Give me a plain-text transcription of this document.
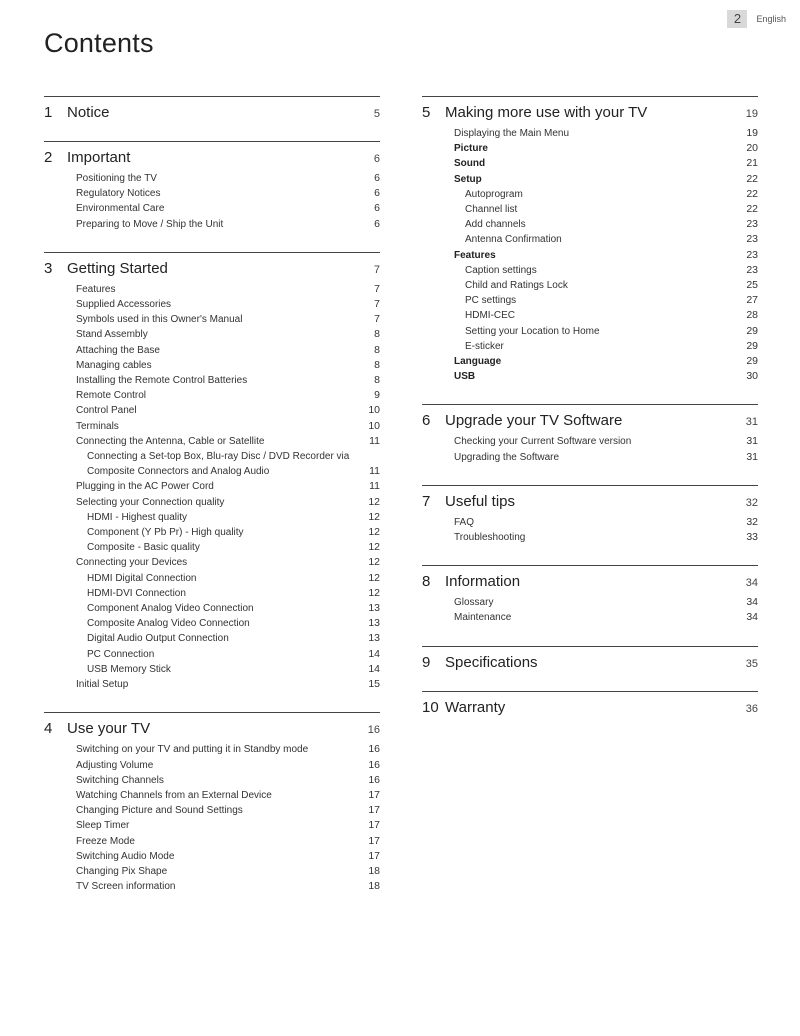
2	English
Contents
1 Notice	5
2 Important	6
Positioning the TV	6
Regulatory Notices	6
Environmental Care	6
Preparing to Move / Ship the Unit	6
3 Getting Started	7
Features	7
Supplied Accessories	7
Symbols used in this Owner's Manual	7
Stand Assembly	8
Attaching the Base	8
Managing cables	8
Installing the Remote Control Batteries	8
Remote Control	9
Control Panel	10
Terminals	10
Connecting the Antenna, Cable or Satellite	11
Connecting a Set-top Box, Blu-ray Disc / DVD Recorder via Composite Connectors and Analog Audio	11
Plugging in the AC Power Cord	11
Selecting your Connection quality	12
HDMI - Highest quality	12
Component (Y Pb Pr) - High quality	12
Composite - Basic quality	12
Connecting your Devices	12
HDMI Digital Connection	12
HDMI-DVI Connection	12
Component Analog Video Connection	13
Composite Analog Video Connection	13
Digital Audio Output Connection	13
PC Connection	14
USB Memory Stick	14
Initial Setup	15
4 Use your TV	16
Switching on your TV and putting it in Standby mode	16
Adjusting Volume	16
Switching Channels	16
Watching Channels from an External Device	17
Changing Picture and Sound Settings	17
Sleep Timer	17
Freeze Mode	17
Switching Audio Mode	17
Changing Pix Shape	18
TV Screen information	18
5 Making more use with your TV	19
Displaying the Main Menu	19
Picture	20
Sound	21
Setup	22
Autoprogram	22
Channel list	22
Add channels	23
Antenna Confirmation	23
Features	23
Caption settings	23
Child and Ratings Lock	25
PC settings	27
HDMI-CEC	28
Setting your Location to Home	29
E-sticker	29
Language	29
USB	30
6 Upgrade your TV Software	31
Checking your Current Software version	31
Upgrading the Software	31
7 Useful tips	32
FAQ	32
Troubleshooting	33
8 Information	34
Glossary	34
Maintenance	34
9 Specifications	35
10 Warranty	36
